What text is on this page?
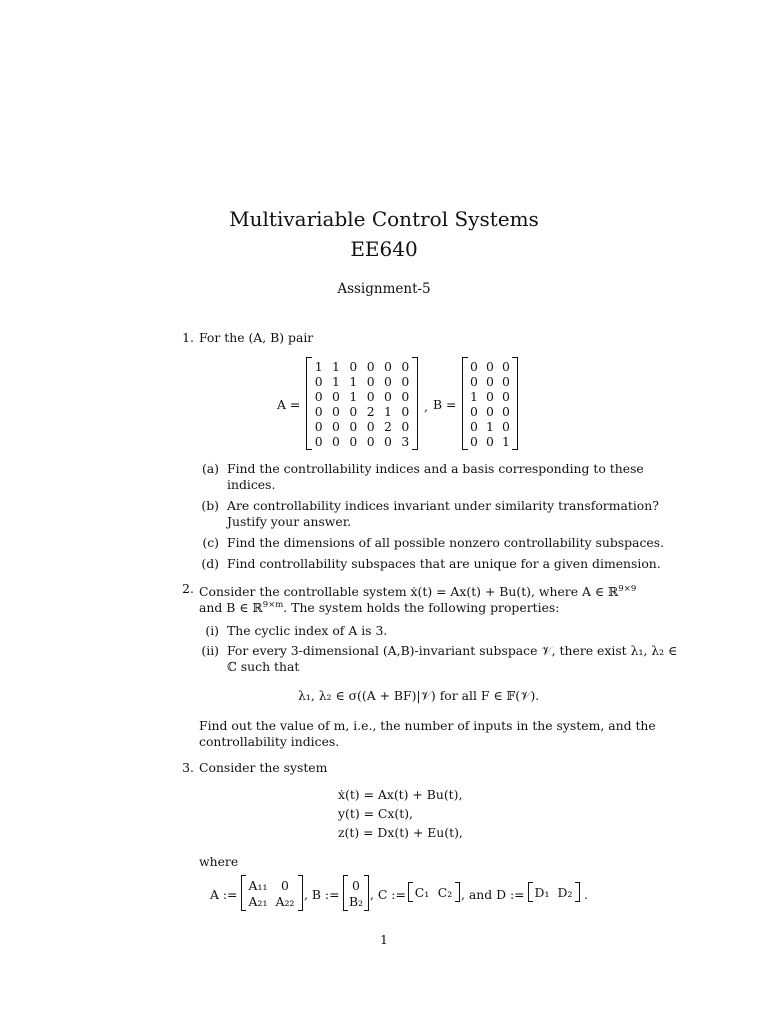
Multivariable Control Systems
EE640
Assignment-5
1. For the (A, B) pair
A =
1 1 0 0 0 0
0 1 1 0 0 0
0 0 1 0 0 0
0 0 0 2 1 0
0 0 0 0 2 0
0 0 0 0 0 3
, B =
0 0 0
0 0 0
1 0 0
0 0 0
0 1 0
0 0 1
(a) Find the controllability indices and a basis corresponding to these
indices.
(b) Are controllability indices invariant under similarity transformation?
Justify your answer.
(c) Find the dimensions of all possible nonzero controllability subspaces.
(d) Find controllability subspaces that are unique for a given dimension.
2. Consider the controllable system ẋ(t) = Ax(t) + Bu(t), where A ∈ ℝ$^{9\times 9}$
and B ∈ ℝ$^{9\times m}$. The system holds the following properties:
(i) The cyclic index of A is 3.
(ii) For every 3-dimensional (A,B)-invariant subspace 𝒱, there exist λ₁, λ₂ ∈
ℂ such that
λ₁, λ₂ ∈ σ((A + BF)|𝒱) for all F ∈ 𝔽(𝒱).
Find out the value of m, i.e., the number of inputs in the system, and the
controllability indices.
3. Consider the system
ẋ(t) = Ax(t) + Bu(t),
y(t) = Cx(t),
z(t) = Dx(t) + Eu(t),
where
A :=
A₁₁	0
A₂₁ A₂₂ , B :=
0
B₂ , C := C₁ C₂ , and D := D₁ D₂ .
1
